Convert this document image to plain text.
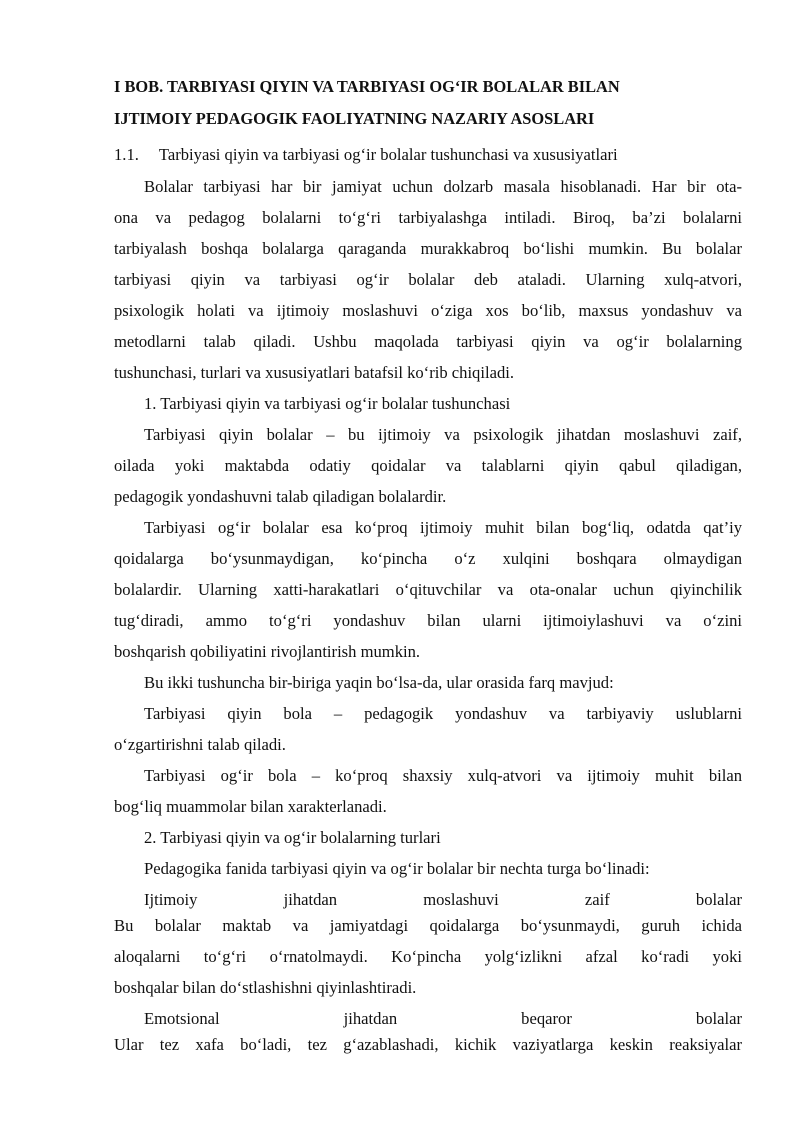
I BOB. TARBIYASI QIYIN VA TARBIYASI OG‘IR BOLALAR BILAN
IJTIMOIY PEDAGOGIK FAOLIYATNING NAZARIY ASOSLARI
1.1. Tarbiyasi qiyin va tarbiyasi og‘ir bolalar tushunchasi va xususiyatlari
Bolalar tarbiyasi har bir jamiyat uchun dolzarb masala hisoblanadi. Har bir ota-
ona va pedagog bolalarni to‘g‘ri tarbiyalashga intiladi. Biroq, ba’zi bolalarni
tarbiyalash boshqa bolalarga qaraganda murakkabroq bo‘lishi mumkin. Bu bolalar
tarbiyasi qiyin va tarbiyasi og‘ir bolalar deb ataladi. Ularning xulq-atvori,
psixologik holati va ijtimoiy moslashuvi o‘ziga xos bo‘lib, maxsus yondashuv va
metodlarni talab qiladi. Ushbu maqolada tarbiyasi qiyin va og‘ir bolalarning
tushunchasi, turlari va xususiyatlari batafsil ko‘rib chiqiladi.
1. Tarbiyasi qiyin va tarbiyasi og‘ir bolalar tushunchasi
Tarbiyasi qiyin bolalar – bu ijtimoiy va psixologik jihatdan moslashuvi zaif,
oilada yoki maktabda odatiy qoidalar va talablarni qiyin qabul qiladigan,
pedagogik yondashuvni talab qiladigan bolalardir.
Tarbiyasi og‘ir bolalar esa ko‘proq ijtimoiy muhit bilan bog‘liq, odatda qat’iy
qoidalarga bo‘ysunmaydigan, ko‘pincha o‘z xulqini boshqara olmaydigan
bolalardir. Ularning xatti-harakatlari o‘qituvchilar va ota-onalar uchun qiyinchilik
tug‘diradi, ammo to‘g‘ri yondashuv bilan ularni ijtimoiylashuvi va o‘zini
boshqarish qobiliyatini rivojlantirish mumkin.
Bu ikki tushuncha bir-biriga yaqin bo‘lsa-da, ular orasida farq mavjud:
Tarbiyasi qiyin bola – pedagogik yondashuv va tarbiyaviy uslublarni
o‘zgartirishni talab qiladi.
Tarbiyasi og‘ir bola – ko‘proq shaxsiy xulq-atvori va ijtimoiy muhit bilan
bog‘liq muammolar bilan xarakterlanadi.
2. Tarbiyasi qiyin va og‘ir bolalarning turlari
Pedagogika fanida tarbiyasi qiyin va og‘ir bolalar bir nechta turga bo‘linadi:
Ijtimoiy jihatdan moslashuvi zaif bolalar
Bu bolalar maktab va jamiyatdagi qoidalarga bo‘ysunmaydi, guruh ichida
aloqalarni to‘g‘ri o‘rnatolmaydi. Ko‘pincha yolg‘izlikni afzal ko‘radi yoki
boshqalar bilan do‘stlashishni qiyinlashtiradi.
Emotsional jihatdan beqaror bolalar
Ular tez xafa bo‘ladi, tez g‘azablashadi, kichik vaziyatlarga keskin reaksiyalar
